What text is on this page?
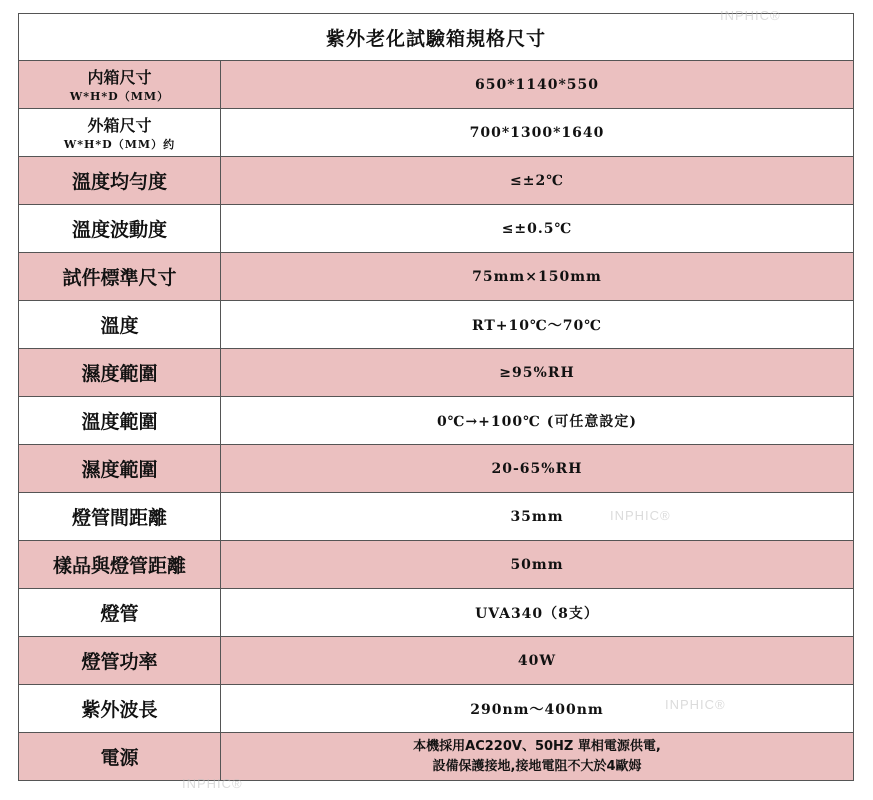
紫外老化試驗箱規格尺寸	

内箱尺寸
W*H*D（MM）	650*1140*550

外箱尺寸
W*H*D（MM）约	700*1300*1640
溫度均勻度	≤±2℃
溫度波動度	≤±0.5℃
試件標準尺寸	75mm×150mm
溫度	RT+10℃～70℃
濕度範圍	≥95%RH
溫度範圍	0℃→+100℃ (可任意設定)
濕度範圍	20-65%RH
燈管間距離	35mm
樣品與燈管距離	50mm
燈管	UVA340（8支）
燈管功率	40W
紫外波長	290nm～400nm
電源	本機採用AC220V、50HZ 單相電源供電,
設備保護接地,接地電阻不大於4歐姆
INPHIC®
INPHIC®
INPHIC®
INPHIC®
